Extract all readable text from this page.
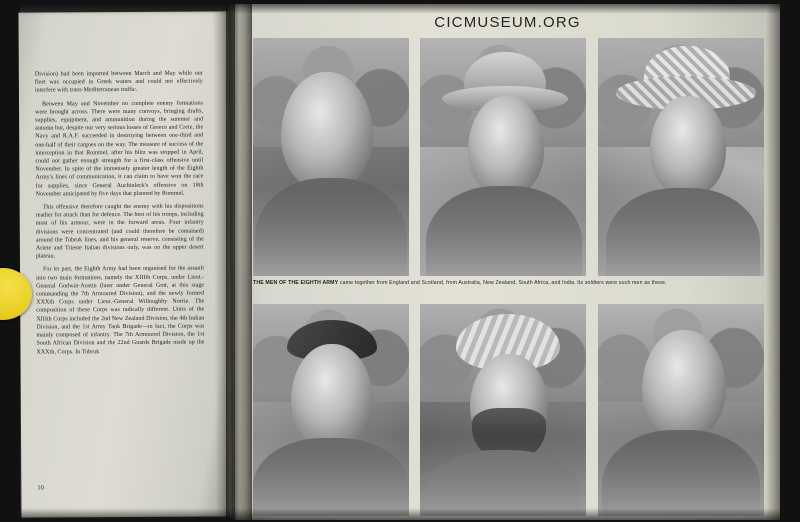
Division) had been imported between March and May while our fleet was occupied in Greek waters and could not effectively interfere with trans-Mediterranean traffic.

Between May and November no complete enemy formations were brought across. There were many convoys, bringing drafts, supplies, equipment, and ammunition during the summer and autumn but, despite our very serious losses of Greece and Crete, the Navy and R.A.F. succeeded in destroying between one-third and one-half of their cargoes on the way. The measure of success of the interception in that Rommel, after his blitz was stopped in April, could not gather enough strength for a first-class offensive until November. In spite of the immensely greater length of the Eighth Army's lines of communication, it can claim to have won the race for supplies, since General Auchinleck's offensive on 18th November anticipated by five days that planned by Rommel.

This offensive therefore caught the enemy with his dispositions readier for attack than for defence. The best of his troops, including most of his armour, were in the forward areas. Four infantry divisions were concentrated (and could therefore be contained) around the Tobruk lines, and his general reserve, consisting of the Ariete and Trieste Italian divisions only, was on the upper desert plateau.

For its part, the Eighth Army had been organised for the assault into two main formations, namely the XIIIth Corps, under Lieut.-General Godwin-Austin (later under General Gott, at this stage commanding the 7th Armoured Division), and the newly formed XXXth Corps under Lieut.-General Willoughby Norrie. The composition of these Corps was radically different. Units of the XIIIth Corps included the 2nd New Zealand Division, the 4th Indian Division, and the 1st Army Tank Brigade—in fact, the Corps was mainly composed of infantry. The 7th Armoured Division, the 1st South African Division and the 22nd Guards Brigade made up the XXXth, Corps. In Tobruk

10
CICMUSEUM.ORG
THE MEN OF THE EIGHTH ARMY came together from England and Scotland, from Australia, New Zealand, South Africa, and India. Its soldiers were such men as these.
